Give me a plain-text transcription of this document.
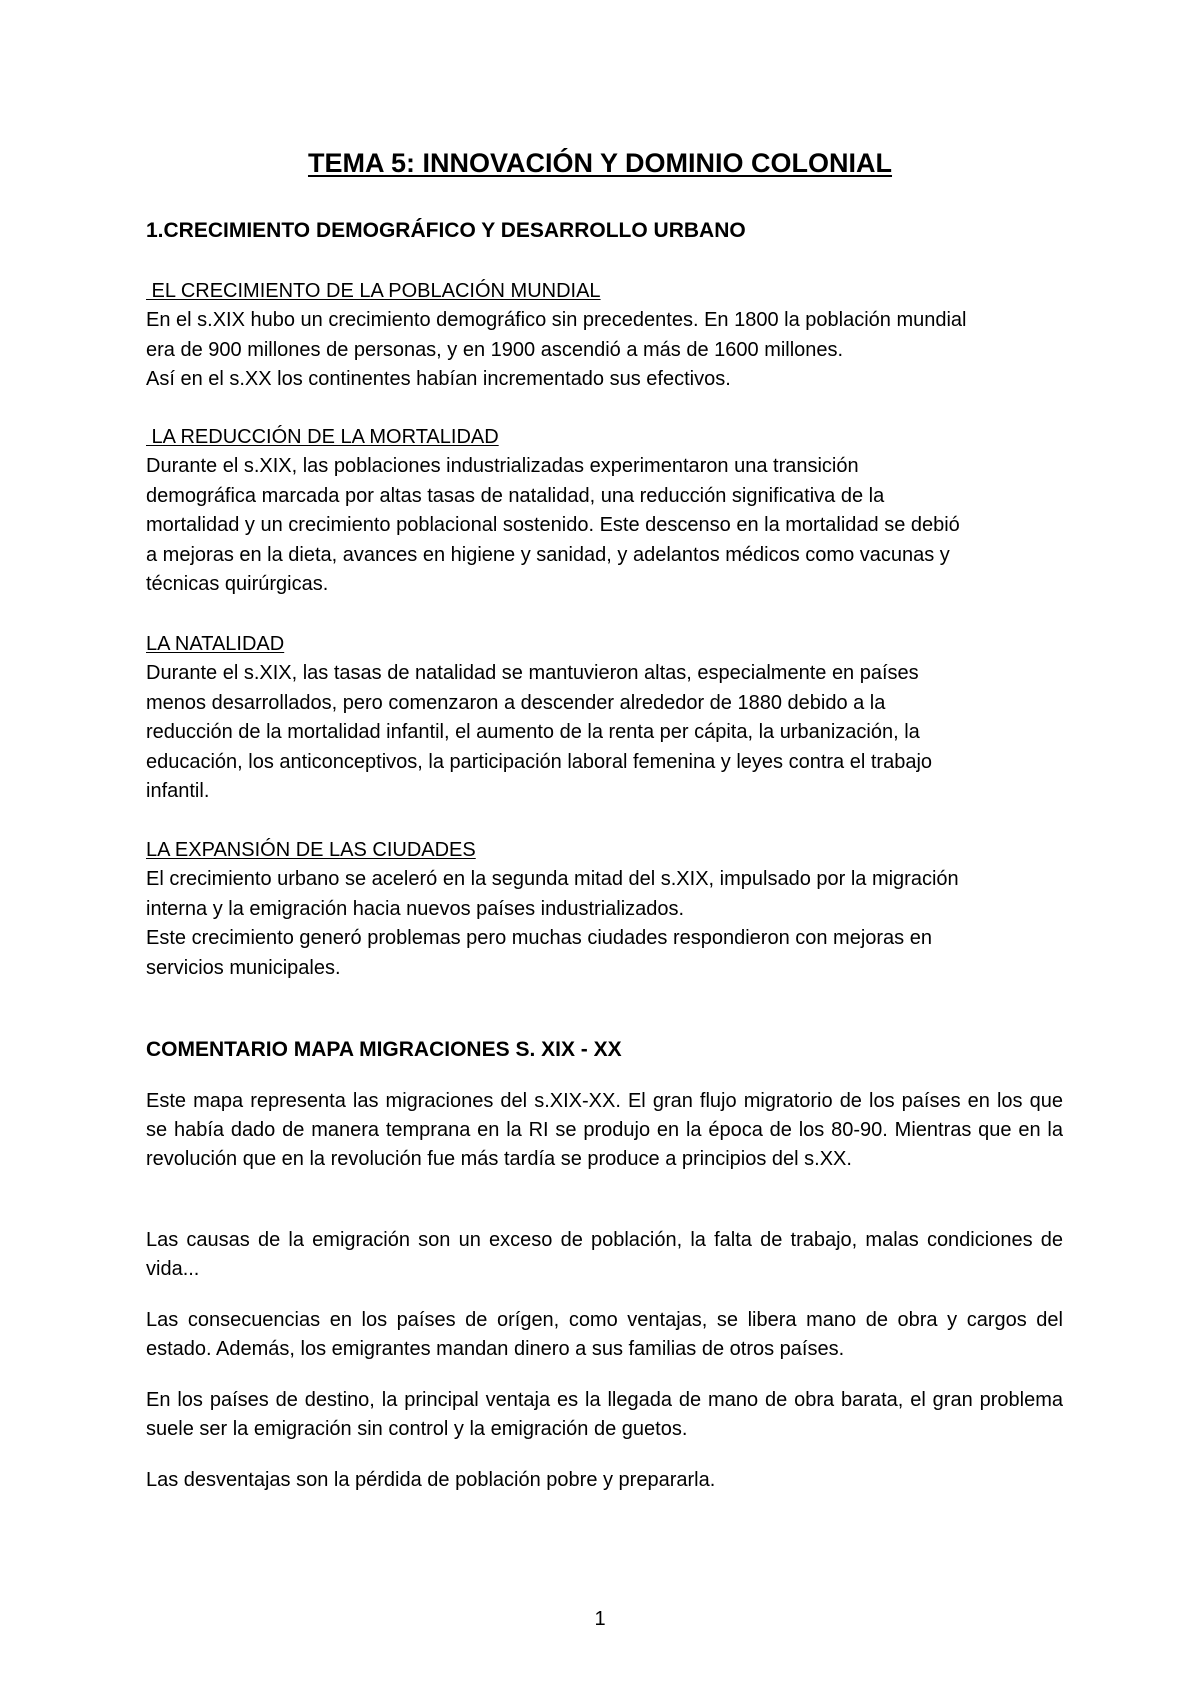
TEMA 5: INNOVACIÓN Y DOMINIO COLONIAL
1.CRECIMIENTO DEMOGRÁFICO Y DESARROLLO URBANO
EL CRECIMIENTO DE LA POBLACIÓN MUNDIAL
En el s.XIX hubo un crecimiento demográfico sin precedentes. En 1800 la población mundial
era de 900 millones de personas, y en 1900 ascendió a más de 1600 millones.
Así en el s.XX los continentes habían incrementado sus efectivos.
LA REDUCCIÓN DE LA MORTALIDAD
Durante el s.XIX, las poblaciones industrializadas experimentaron una transición
demográfica marcada por altas tasas de natalidad, una reducción significativa de la
mortalidad y un crecimiento poblacional sostenido. Este descenso en la mortalidad se debió
a mejoras en la dieta, avances en higiene y sanidad, y adelantos médicos como vacunas y
técnicas quirúrgicas.
LA NATALIDAD
Durante el s.XIX, las tasas de natalidad se mantuvieron altas, especialmente en países
menos desarrollados, pero comenzaron a descender alrededor de 1880 debido a la
reducción de la mortalidad infantil, el aumento de la renta per cápita, la urbanización, la
educación, los anticonceptivos, la participación laboral femenina y leyes contra el trabajo
infantil.
LA EXPANSIÓN DE LAS CIUDADES
El crecimiento urbano se aceleró en la segunda mitad del s.XIX, impulsado por la migración
interna y la emigración hacia nuevos países industrializados.
Este crecimiento generó problemas pero muchas ciudades respondieron con mejoras en
servicios municipales.
COMENTARIO MAPA MIGRACIONES S. XIX - XX

Este mapa representa las migraciones del s.XIX-XX. El gran flujo migratorio de los países en los que se había dado de manera temprana en la RI se produjo en la época de los 80-90. Mientras que en la revolución que en la revolución fue más tardía se produce a principios del s.XX.

Las causas de la emigración son un exceso de población, la falta de trabajo, malas condiciones de vida...

Las consecuencias en los países de orígen, como ventajas, se libera mano de obra y cargos del estado. Además, los emigrantes mandan dinero a sus familias de otros países.

En los países de destino, la principal ventaja es la llegada de mano de obra barata, el gran problema suele ser la emigración sin control y la emigración de guetos.

Las desventajas son la pérdida de población pobre y prepararla.

1
